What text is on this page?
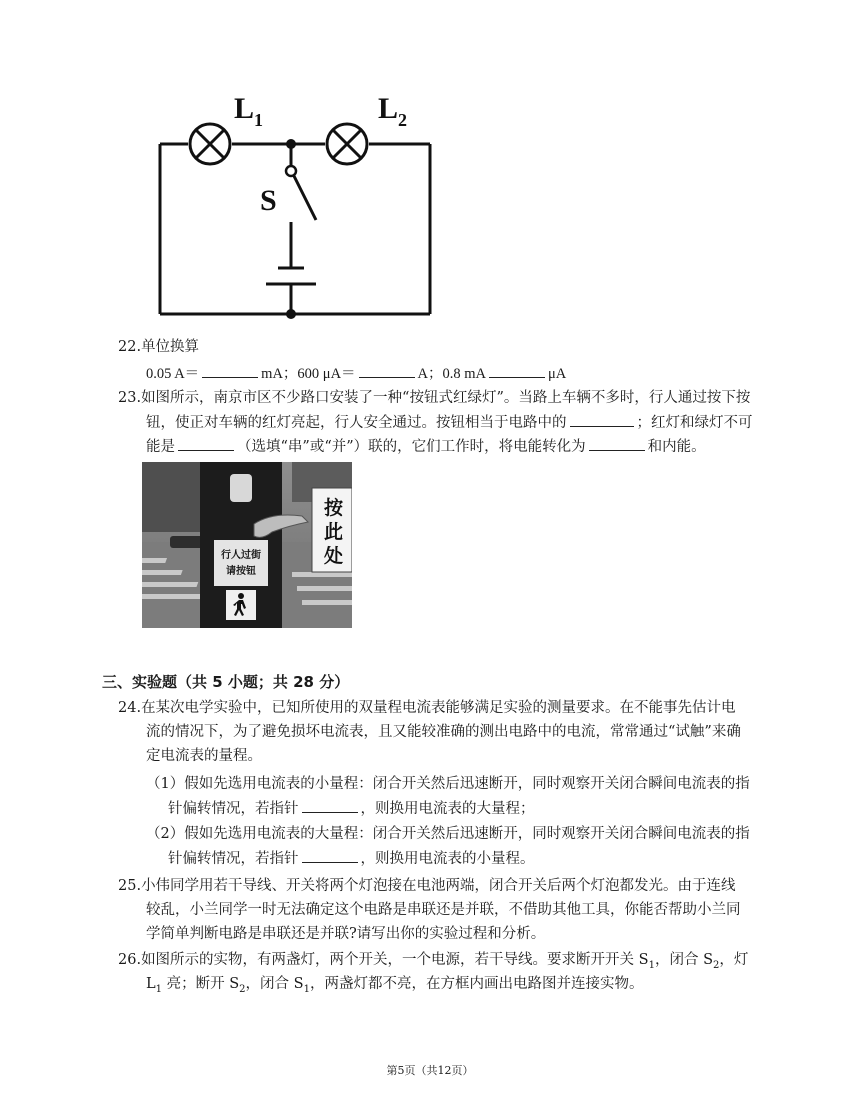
$L_1$	$L_2$
S
22.单位换算
0.05 A＝	mA；600 μA＝	A；0.8 mA	μA
23.如图所示，南京市区不少路口安装了一种“按钮式红绿灯”。当路上车辆不多时，行人通过按下按
钮，使正对车辆的红灯亮起，行人安全通过。按钮相当于电路中的	；红灯和绿灯不可
能是	（选填“串”或“并”）联的，它们工作时，将电能转化为	和内能。
行人过街
请按钮
按 此 处
三、实验题（共 5 小题；共 28 分）
24.在某次电学实验中，已知所使用的双量程电流表能够满足实验的测量要求。在不能事先估计电
流的情况下，为了避免损坏电流表，且又能较准确的测出电路中的电流，常常通过“试触”来确
定电流表的量程。
（1）假如先选用电流表的小量程：闭合开关然后迅速断开，同时观察开关闭合瞬间电流表的指
针偏转情况，若指针	，则换用电流表的大量程；
（2）假如先选用电流表的大量程：闭合开关然后迅速断开，同时观察开关闭合瞬间电流表的指
针偏转情况，若指针	，则换用电流表的小量程。
25.小伟同学用若干导线、开关将两个灯泡接在电池两端，闭合开关后两个灯泡都发光。由于连线
较乱，小兰同学一时无法确定这个电路是串联还是并联，不借助其他工具，你能否帮助小兰同
学简单判断电路是串联还是并联?请写出你的实验过程和分析。
26.如图所示的实物，有两盏灯，两个开关，一个电源，若干导线。要求断开开关 $S_1$，闭合 $S_2$，灯
$L_1$ 亮；断开 $S_2$，闭合 $S_1$，两盏灯都不亮，在方框内画出电路图并连接实物。
第5页（共12页）
